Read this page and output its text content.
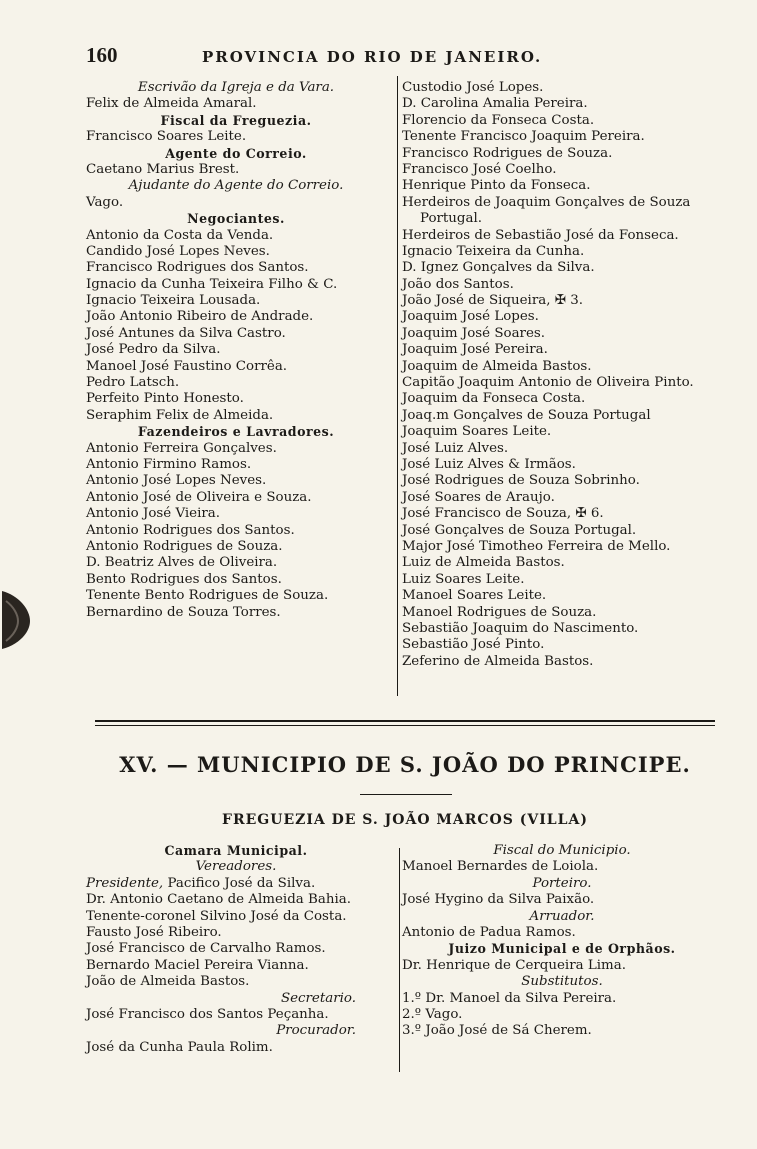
160	PROVINCIA DO RIO DE JANEIRO.
Escrivão da Igreja e da Vara.
Felix de Almeida Amaral.
Fiscal da Freguezia.
Francisco Soares Leite.
Agente do Correio.
Caetano Marius Brest.
Ajudante do Agente do Correio.
Vago.
Negociantes.
Antonio da Costa da Venda.
Candido José Lopes Neves.
Francisco Rodrigues dos Santos.
Ignacio da Cunha Teixeira Filho & C.
Ignacio Teixeira Lousada.
João Antonio Ribeiro de Andrade.
José Antunes da Silva Castro.
José Pedro da Silva.
Manoel José Faustino Corrêa.
Pedro Latsch.
Perfeito Pinto Honesto.
Seraphim Felix de Almeida.
Fazendeiros e Lavradores.
Antonio Ferreira Gonçalves.
Antonio Firmino Ramos.
Antonio José Lopes Neves.
Antonio José de Oliveira e Souza.
Antonio José Vieira.
Antonio Rodrigues dos Santos.
Antonio Rodrigues de Souza.
D. Beatriz Alves de Oliveira.
Bento Rodrigues dos Santos.
Tenente Bento Rodrigues de Souza.
Bernardino de Souza Torres.
Custodio José Lopes.
D. Carolina Amalia Pereira.
Florencio da Fonseca Costa.
Tenente Francisco Joaquim Pereira.
Francisco Rodrigues de Souza.
Francisco José Coelho.
Henrique Pinto da Fonseca.
Herdeiros de Joaquim Gonçalves de Souza
Portugal.
Herdeiros de Sebastião José da Fonseca.
Ignacio Teixeira da Cunha.
D. Ignez Gonçalves da Silva.
João dos Santos.
João José de Siqueira, ✠ 3.
Joaquim José Lopes.
Joaquim José Soares.
Joaquim José Pereira.
Joaquim de Almeida Bastos.
Capitão Joaquim Antonio de Oliveira Pinto.
Joaquim da Fonseca Costa.
Joaq.m Gonçalves de Souza Portugal
Joaquim Soares Leite.
José Luiz Alves.
José Luiz Alves & Irmãos.
José Rodrigues de Souza Sobrinho.
José Soares de Araujo.
José Francisco de Souza, ✠ 6.
José Gonçalves de Souza Portugal.
Major José Timotheo Ferreira de Mello.
Luiz de Almeida Bastos.
Luiz Soares Leite.
Manoel Soares Leite.
Manoel Rodrigues de Souza.
Sebastião Joaquim do Nascimento.
Sebastião José Pinto.
Zeferino de Almeida Bastos.
XV. — MUNICIPIO DE S. JOÃO DO PRINCIPE.
FREGUEZIA DE S. JOÃO MARCOS (VILLA)
Camara Municipal.
Vereadores.
Presidente, Pacifico José da Silva.
Dr. Antonio Caetano de Almeida Bahia.
Tenente-coronel Silvino José da Costa.
Fausto José Ribeiro.
José Francisco de Carvalho Ramos.
Bernardo Maciel Pereira Vianna.
João de Almeida Bastos.
Secretario.
José Francisco dos Santos Peçanha.
Procurador.
José da Cunha Paula Rolim.
Fiscal do Municipio.
Manoel Bernardes de Loiola.
Porteiro.
José Hygino da Silva Paixão.
Arruador.
Antonio de Padua Ramos.
Juizo Municipal e de Orphãos.
Dr. Henrique de Cerqueira Lima.
Substitutos.
1.º Dr. Manoel da Silva Pereira.
2.º Vago.
3.º João José de Sá Cherem.
